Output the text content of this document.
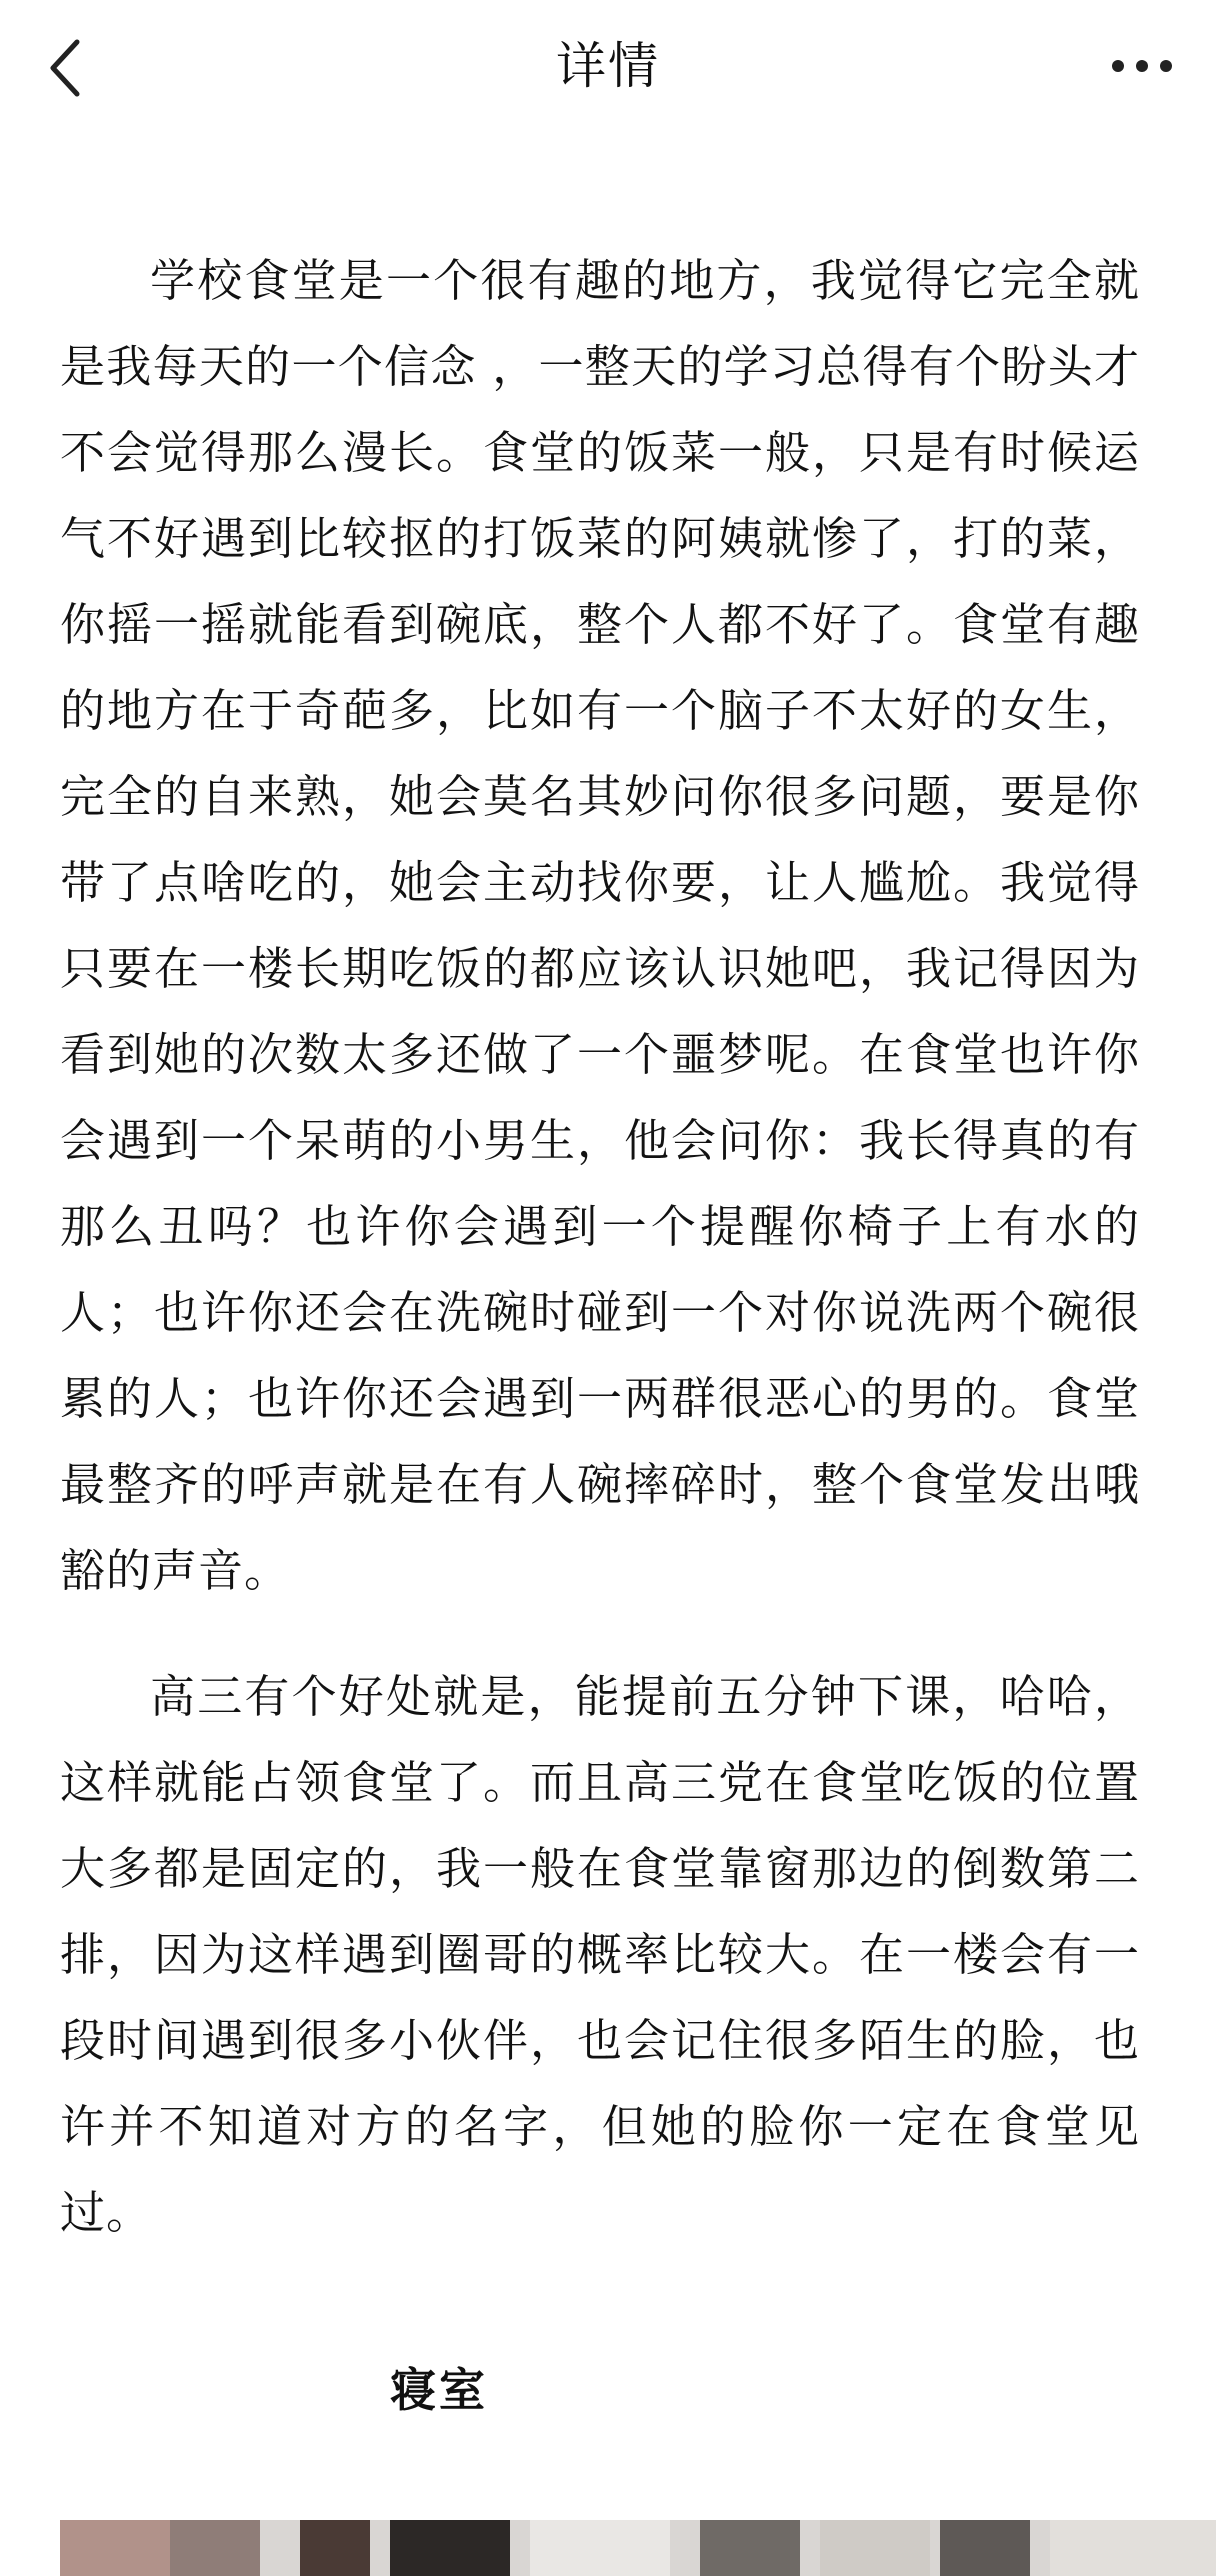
详情

学校食堂是一个很有趣的地方，我觉得它完全就是我每天的一个信念 ，一整天的学习总得有个盼头才不会觉得那么漫长。食堂的饭菜一般，只是有时候运气不好遇到比较抠的打饭菜的阿姨就惨了，打的菜，你摇一摇就能看到碗底，整个人都不好了。食堂有趣的地方在于奇葩多，比如有一个脑子不太好的女生，完全的自来熟，她会莫名其妙问你很多问题，要是你带了点啥吃的，她会主动找你要，让人尴尬。我觉得只要在一楼长期吃饭的都应该认识她吧，我记得因为看到她的次数太多还做了一个噩梦呢。在食堂也许你会遇到一个呆萌的小男生，他会问你：我长得真的有那么丑吗？也许你会遇到一个提醒你椅子上有水的人；也许你还会在洗碗时碰到一个对你说洗两个碗很累的人；也许你还会遇到一两群很恶心的男的。食堂最整齐的呼声就是在有人碗摔碎时，整个食堂发出哦豁的声音。

高三有个好处就是，能提前五分钟下课，哈哈，这样就能占领食堂了。而且高三党在食堂吃饭的位置大多都是固定的，我一般在食堂靠窗那边的倒数第二排，因为这样遇到圈哥的概率比较大。在一楼会有一段时间遇到很多小伙伴，也会记住很多陌生的脸，也许并不知道对方的名字，但她的脸你一定在食堂见过。

寝室
